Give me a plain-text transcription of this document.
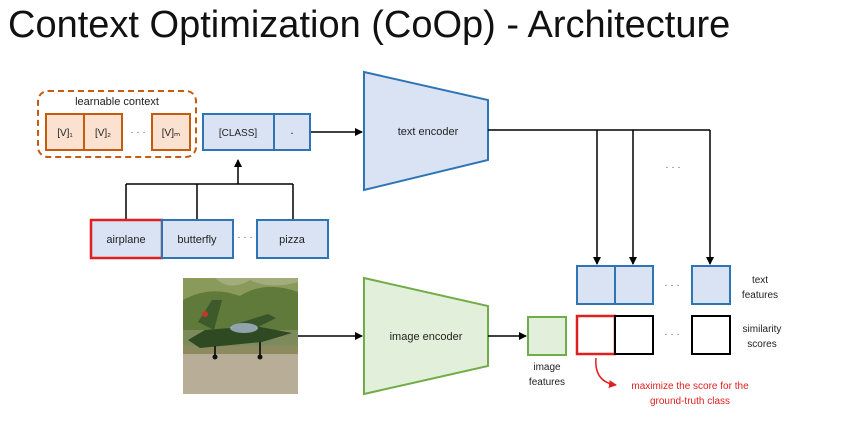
Context Optimization (CoOp) - Architecture
learnable context
[V]₁ [V]₂ · · · [V]ₘ	[CLASS]	.	text encoder
airplane	butterfly · · · pizza
· · ·
· · ·	text
features
· · ·	similarity
scores
image encoder
image
features	maximize the score for the
ground-truth class
